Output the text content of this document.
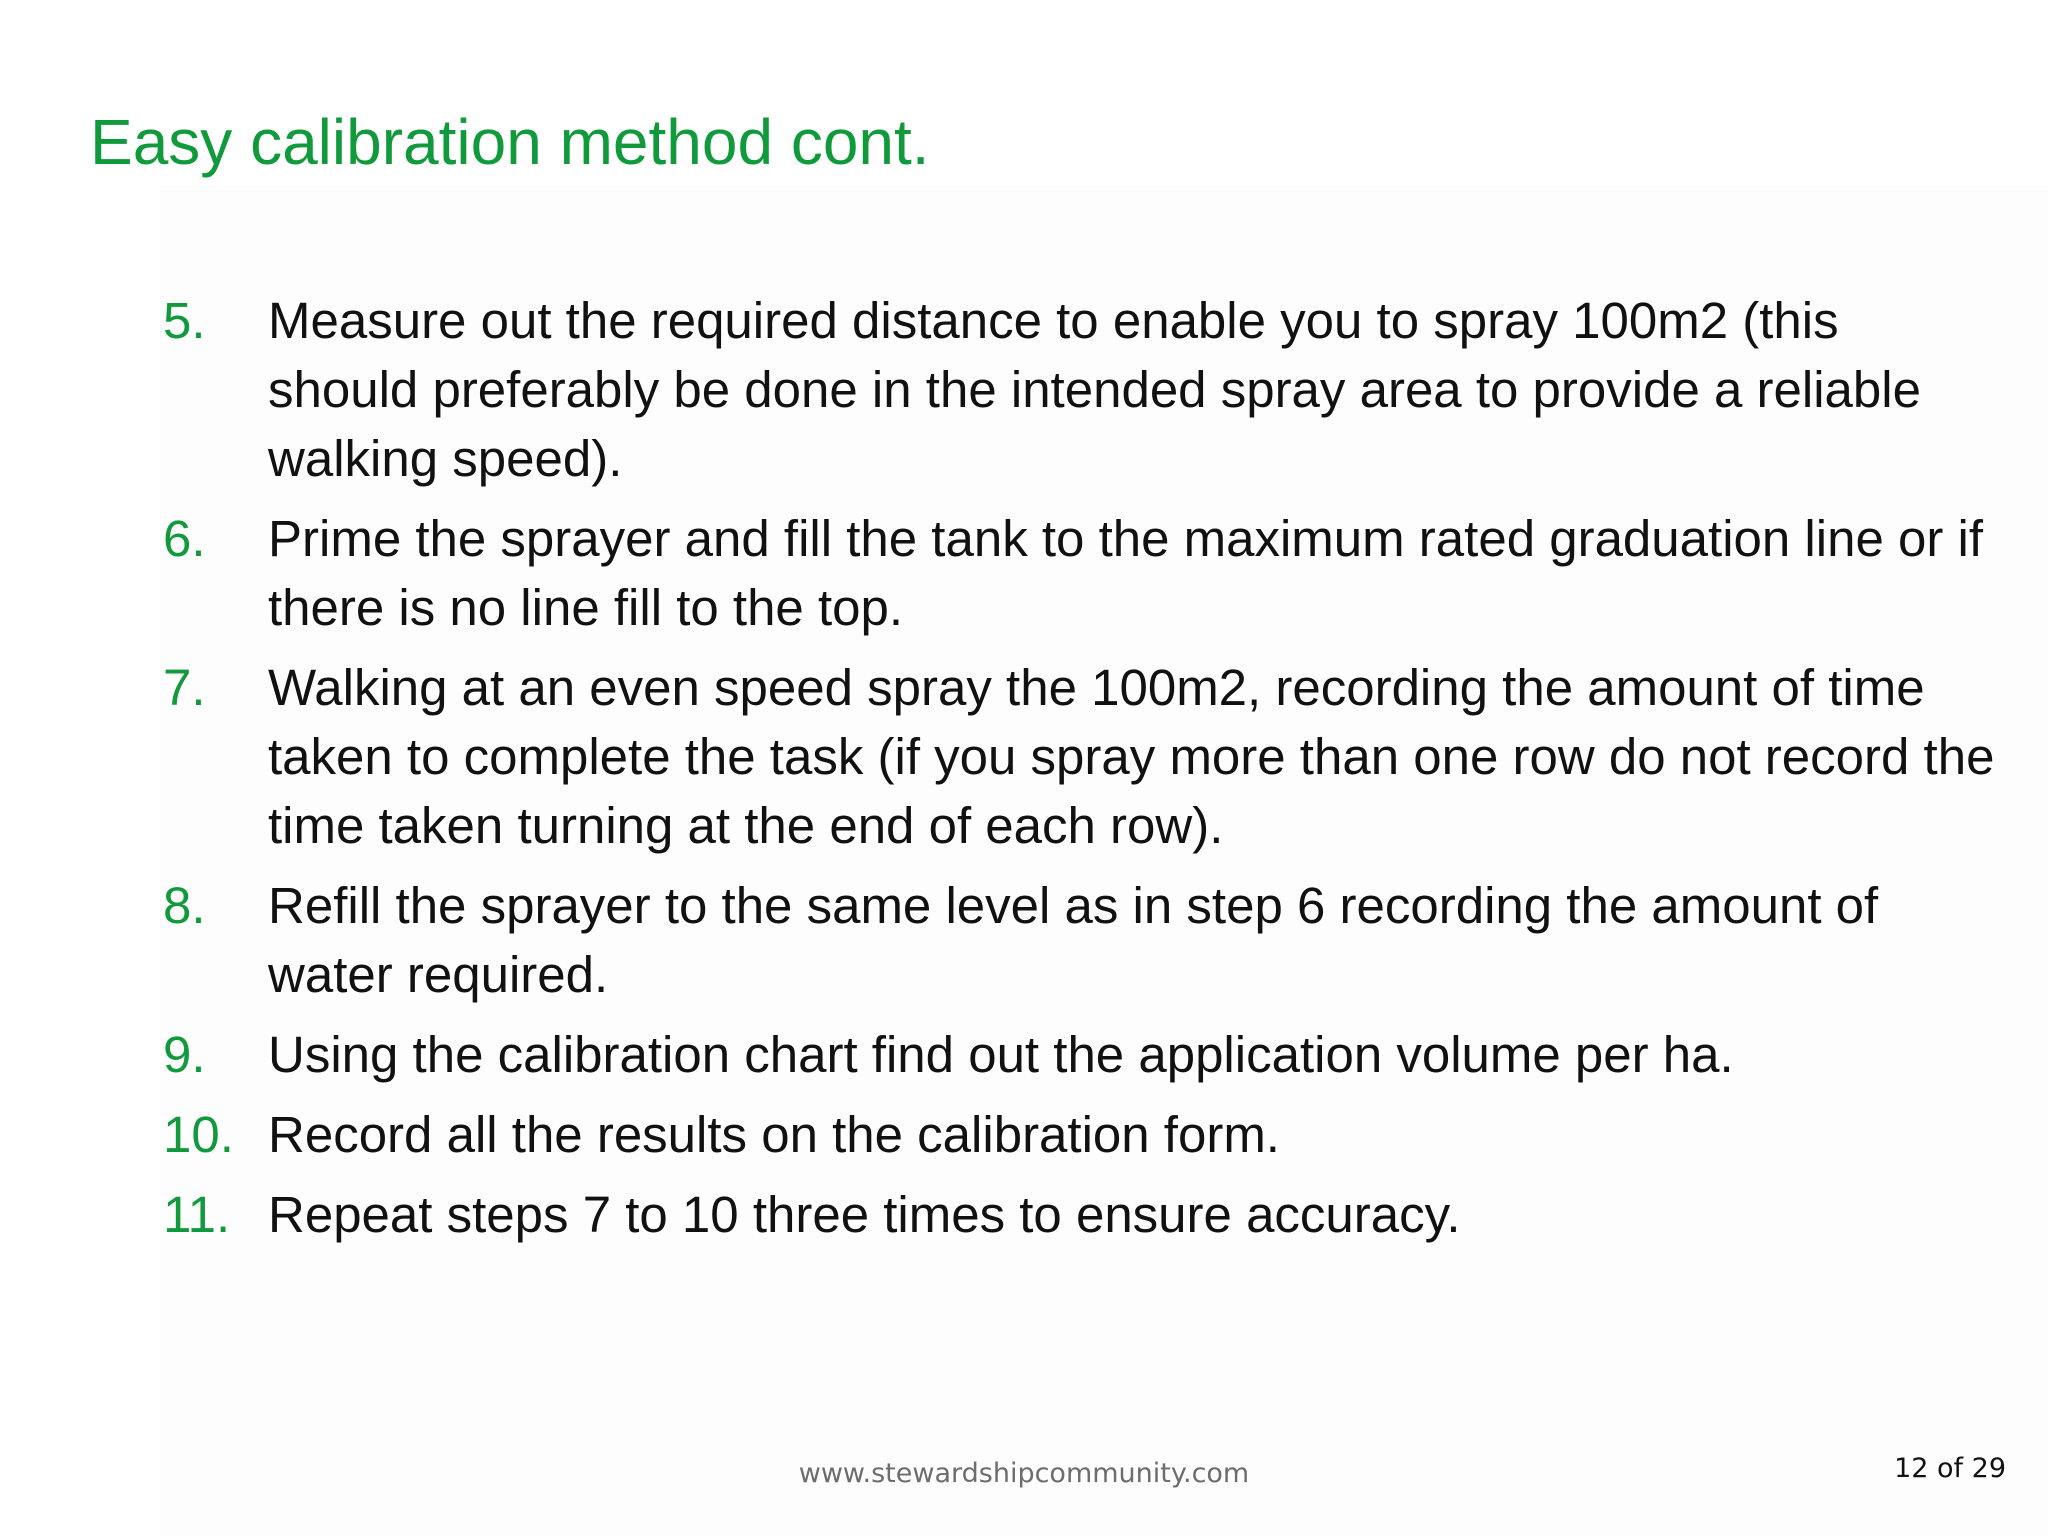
Easy calibration method cont.
5.	Measure out the required distance to enable you to spray 100m2 (this should preferably be done in the intended spray area to provide a reliable walking speed).
6.	Prime the sprayer and fill the tank to the maximum rated graduation line or if there is no line fill to the top.
7.	Walking at an even speed spray the 100m2, recording the amount of time taken to complete the task (if you spray more than one row do not record the time taken turning at the end of each row).
8.	Refill the sprayer to the same level as in step 6 recording the amount of water required.
9.	Using the calibration chart find out the application volume per ha.
10. Record all the results on the calibration form.
11. Repeat steps 7 to 10 three times to ensure accuracy.
www.stewardshipcommunity.com	12 of 29
